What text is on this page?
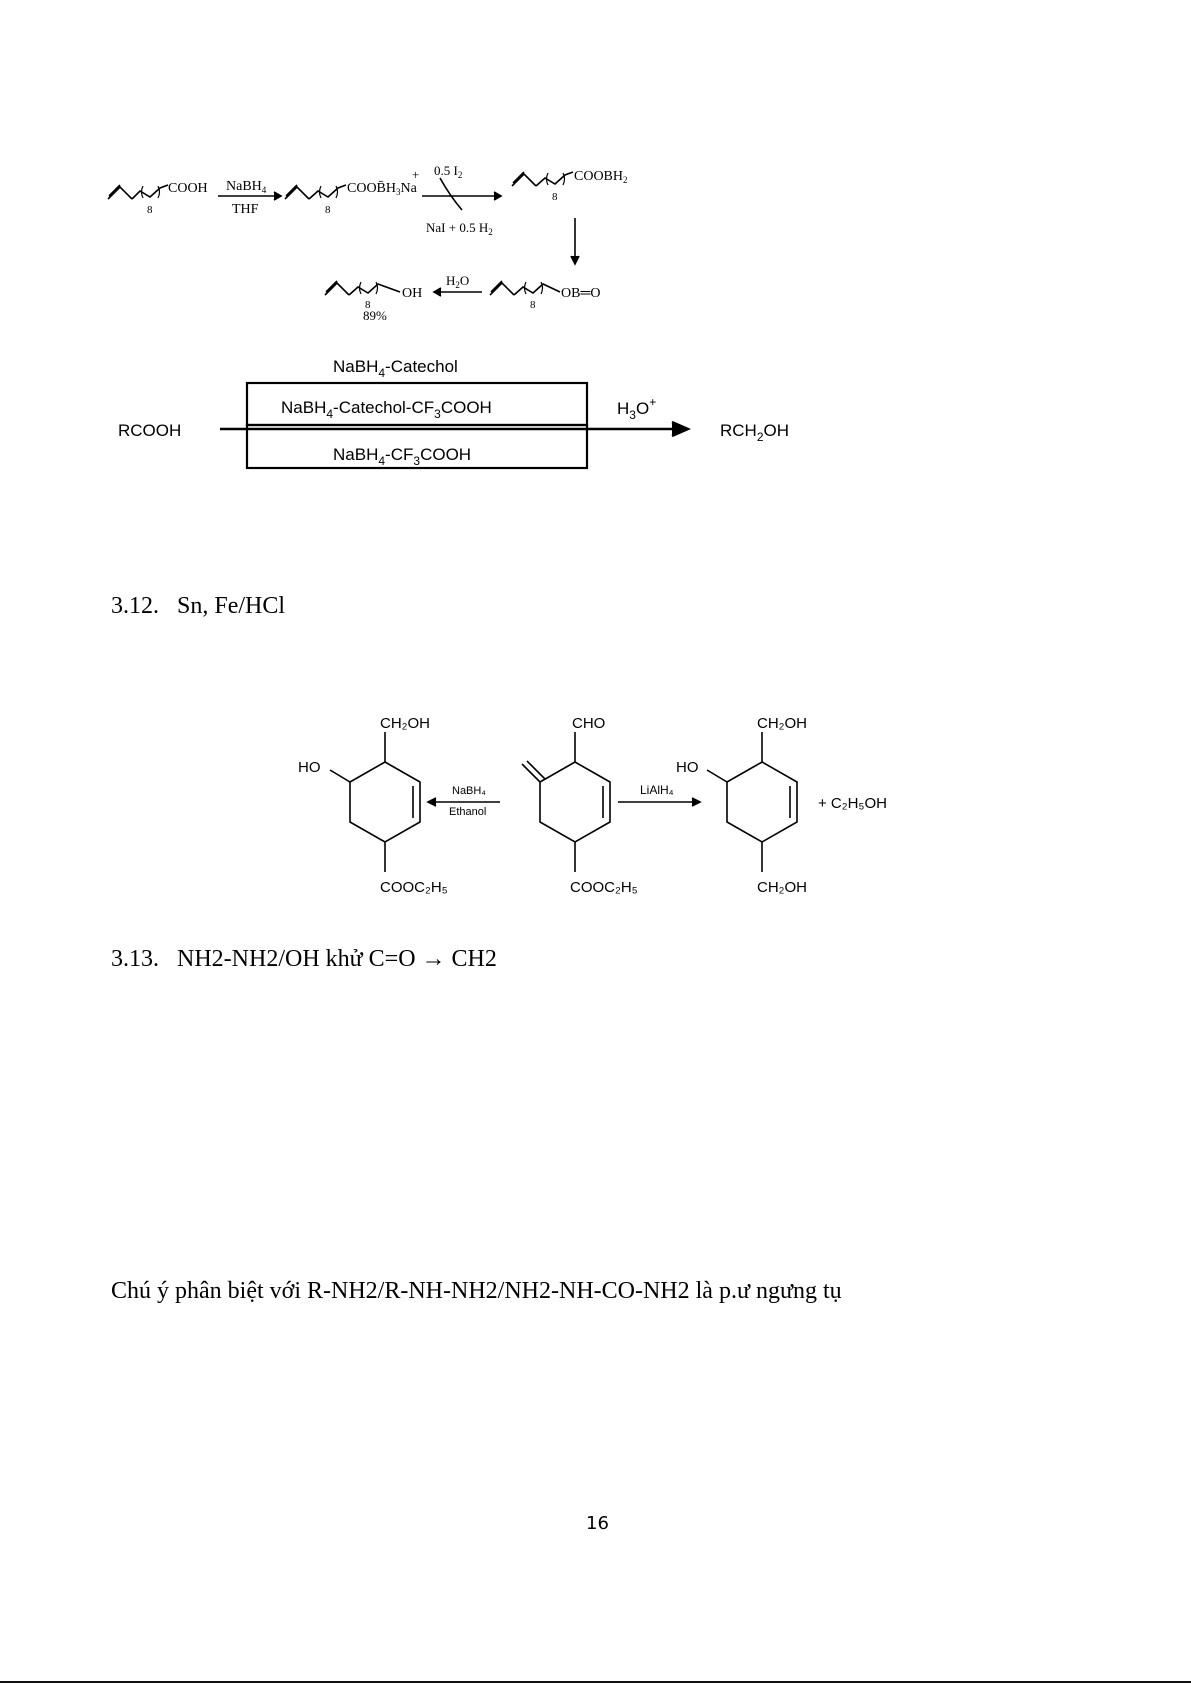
COOH
8
NaBH$_4$
THF
$COOB̄H_3Na$
+
8
0.5 $I_2$
NaI + 0.5 $H_2$
$COOBH_2$
8
OB═O
8
$H_2O$
OH
8
89%
RCOOH
NaBH$_4$-Catechol
$NaBH_4-Catechol-CF_3COOH$
$NaBH_4-CF_3COOH$
$H_3O^+$
$RCH_2OH$
3.12.   Sn, Fe/HCl
CH₂OH
HO
COOC₂H₅
NaBH₄
Ethanol
CHO
COOC₂H₅
LiAlH₄
CH₂OH
HO
CH₂OH
+ C₂H₅OH
3.13.   NH2-NH2/OH khử C=O → CH2
Chú ý phân biệt với R-NH2/R-NH-NH2/NH2-NH-CO-NH2 là p.ư ngưng tụ
16
